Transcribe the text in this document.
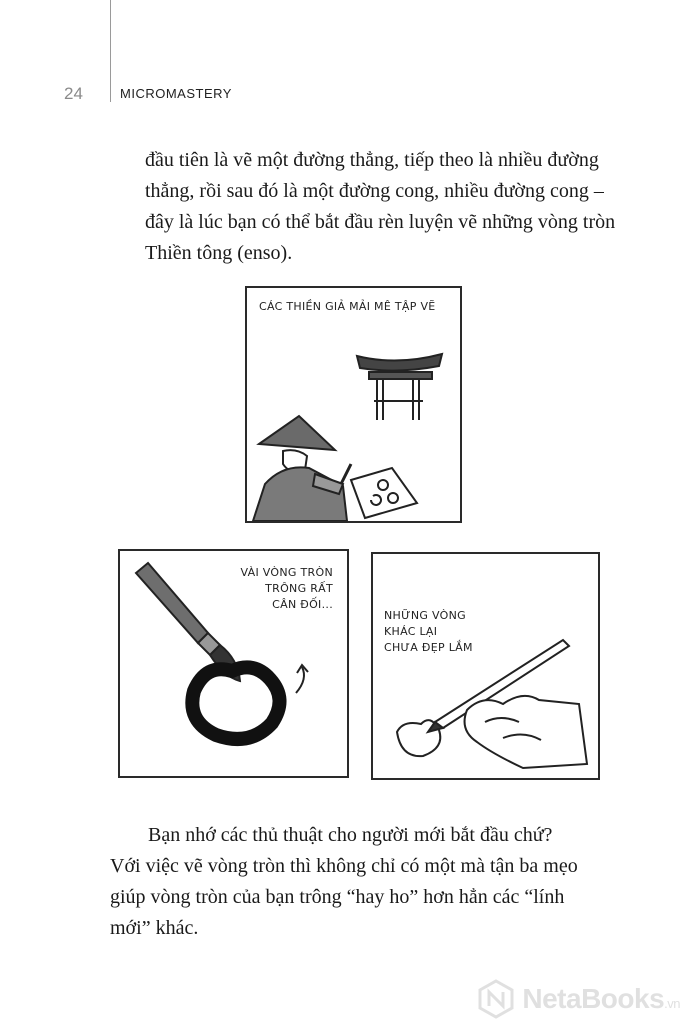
24	MICROMASTERY

đầu tiên là vẽ một đường thẳng, tiếp theo là nhiều đường
thẳng, rồi sau đó là một đường cong, nhiều đường cong –
đây là lúc bạn có thể bắt đầu rèn luyện vẽ những vòng tròn
Thiền tông (enso).

CÁC THIỀN GIẢ MẢI MÊ TẬP VẼ
VÀI VÒNG TRÒN
TRÔNG RẤT
CÂN ĐỐI...
NHỮNG VÒNG
KHÁC LẠI
CHƯA ĐẸP LẮM

Bạn nhớ các thủ thuật cho người mới bắt đầu chứ?
Với việc vẽ vòng tròn thì không chỉ có một mà tận ba mẹo
giúp vòng tròn của bạn trông “hay ho” hơn hẳn các “lính
mới” khác.

NetaBooks.vn
